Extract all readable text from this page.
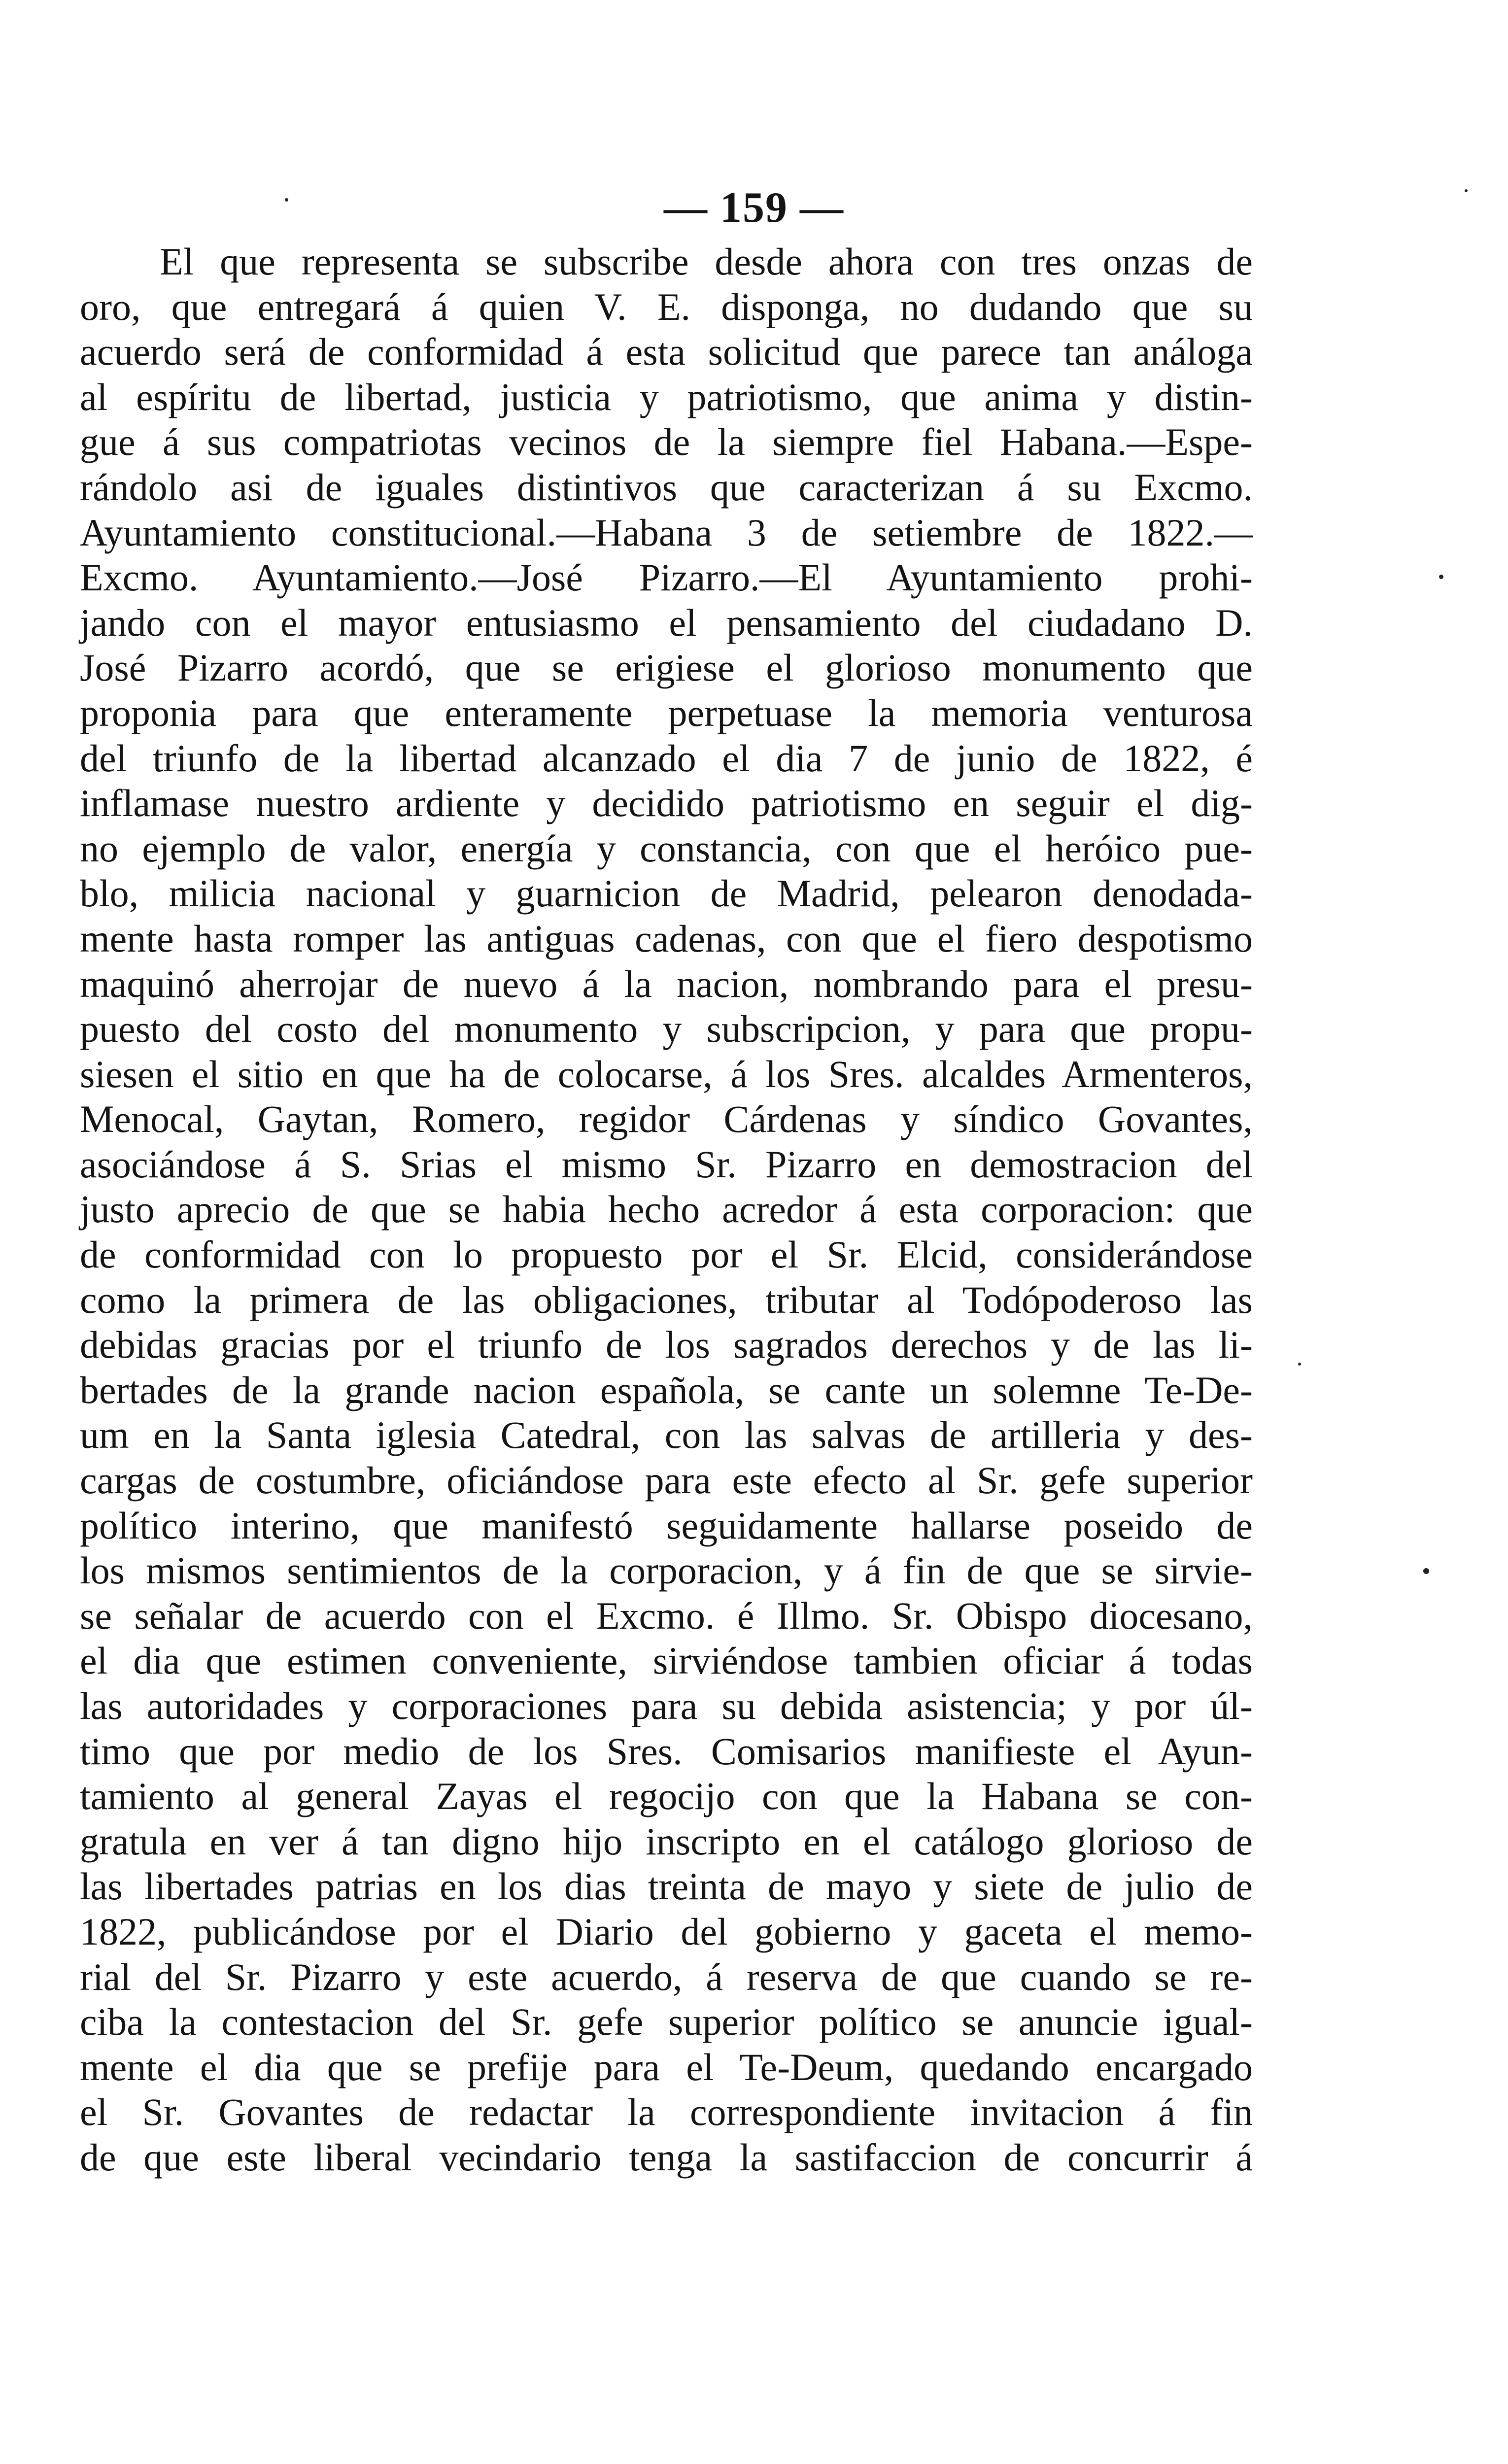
— 159 —
El que representa se subscribe desde ahora con tres onzas de
oro, que entregará á quien V. E. disponga, no dudando que su
acuerdo será de conformidad á esta solicitud que parece tan análoga
al espíritu de libertad, justicia y patriotismo, que anima y distin-
gue á sus compatriotas vecinos de la siempre fiel Habana.—Espe-
rándolo asi de iguales distintivos que caracterizan á su Excmo.
Ayuntamiento constitucional.—Habana 3 de setiembre de 1822.—
Excmo. Ayuntamiento.—José Pizarro.—El Ayuntamiento prohi-
jando con el mayor entusiasmo el pensamiento del ciudadano D.
José Pizarro acordó, que se erigiese el glorioso monumento que
proponia para que enteramente perpetuase la memoria venturosa
del triunfo de la libertad alcanzado el dia 7 de junio de 1822, é
inflamase nuestro ardiente y decidido patriotismo en seguir el dig-
no ejemplo de valor, energía y constancia, con que el heróico pue-
blo, milicia nacional y guarnicion de Madrid, pelearon denodada-
mente hasta romper las antiguas cadenas, con que el fiero despotismo
maquinó aherrojar de nuevo á la nacion, nombrando para el presu-
puesto del costo del monumento y subscripcion, y para que propu-
siesen el sitio en que ha de colocarse, á los Sres. alcaldes Armenteros,
Menocal, Gaytan, Romero, regidor Cárdenas y síndico Govantes,
asociándose á S. Srias el mismo Sr. Pizarro en demostracion del
justo aprecio de que se habia hecho acredor á esta corporacion: que
de conformidad con lo propuesto por el Sr. Elcid, considerándose
como la primera de las obligaciones, tributar al Todópoderoso las
debidas gracias por el triunfo de los sagrados derechos y de las li-
bertades de la grande nacion española, se cante un solemne Te-De-
um en la Santa iglesia Catedral, con las salvas de artilleria y des-
cargas de costumbre, oficiándose para este efecto al Sr. gefe superior
político interino, que manifestó seguidamente hallarse poseido de
los mismos sentimientos de la corporacion, y á fin de que se sirvie-
se señalar de acuerdo con el Excmo. é Illmo. Sr. Obispo diocesano,
el dia que estimen conveniente, sirviéndose tambien oficiar á todas
las autoridades y corporaciones para su debida asistencia; y por úl-
timo que por medio de los Sres. Comisarios manifieste el Ayun-
tamiento al general Zayas el regocijo con que la Habana se con-
gratula en ver á tan digno hijo inscripto en el catálogo glorioso de
las libertades patrias en los dias treinta de mayo y siete de julio de
1822, publicándose por el Diario del gobierno y gaceta el memo-
rial del Sr. Pizarro y este acuerdo, á reserva de que cuando se re-
ciba la contestacion del Sr. gefe superior político se anuncie igual-
mente el dia que se prefije para el Te-Deum, quedando encargado
el Sr. Govantes de redactar la correspondiente invitacion á fin
de que este liberal vecindario tenga la sastifaccion de concurrir á
